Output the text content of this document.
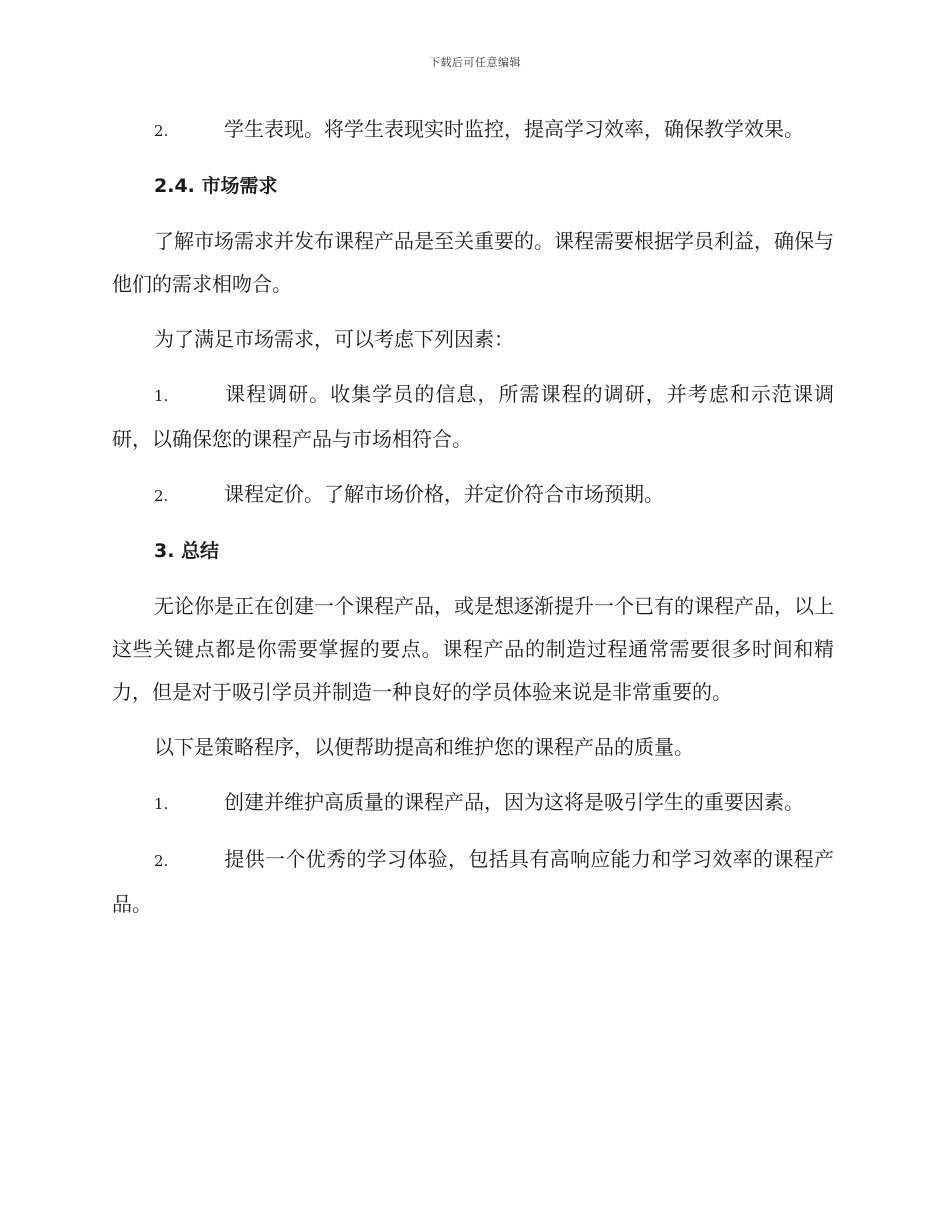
下载后可任意编辑

2.	学生表现。将学生表现实时监控，提高学习效率，确保教学效果。

2.4. 市场需求

了解市场需求并发布课程产品是至关重要的。课程需要根据学员利益，确保与他们的需求相吻合。

为了满足市场需求，可以考虑下列因素：

1.	课程调研。收集学员的信息，所需课程的调研，并考虑和示范课调研，以确保您的课程产品与市场相符合。

2.	课程定价。了解市场价格，并定价符合市场预期。

3. 总结

无论你是正在创建一个课程产品，或是想逐渐提升一个已有的课程产品，以上这些关键点都是你需要掌握的要点。课程产品的制造过程通常需要很多时间和精力，但是对于吸引学员并制造一种良好的学员体验来说是非常重要的。

以下是策略程序，以便帮助提高和维护您的课程产品的质量。

1.	创建并维护高质量的课程产品，因为这将是吸引学生的重要因素。

2.	提供一个优秀的学习体验，包括具有高响应能力和学习效率的课程产品。
